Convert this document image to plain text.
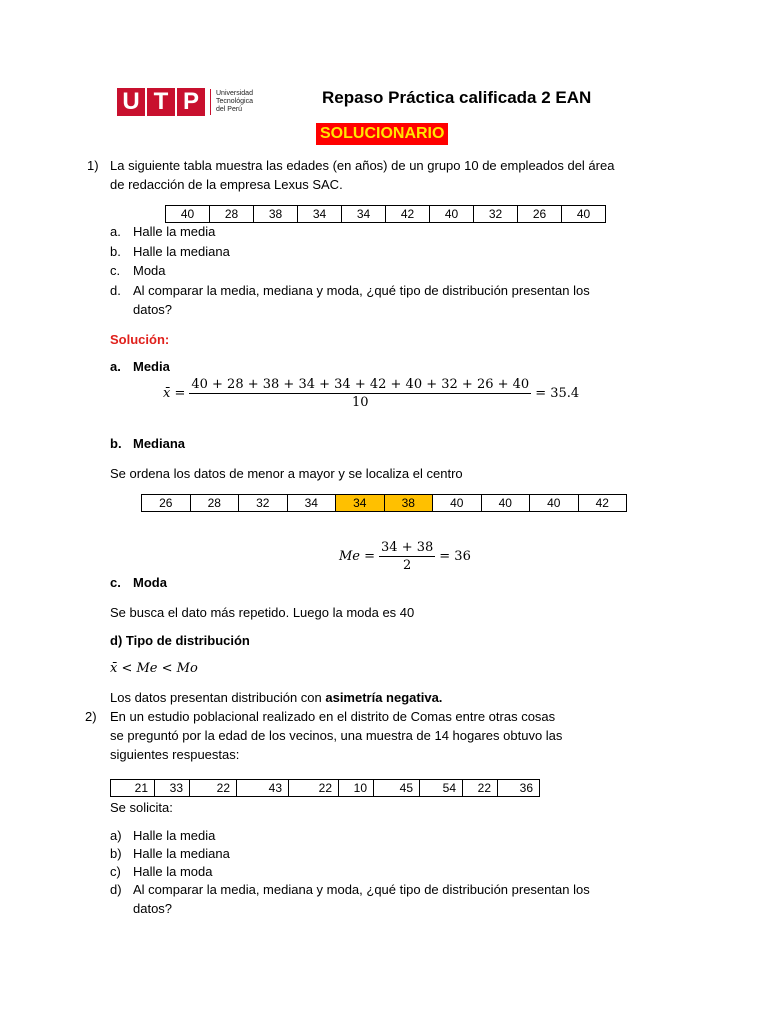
U T P	Universidad
Tecnológica
del Perú
Repaso Práctica calificada 2 EAN
SOLUCIONARIO
1) La siguiente tabla muestra las edades (en años) de un grupo 10 de empleados del área
de redacción de la empresa Lexus SAC.
40	28	38	34	34	42	40	32	26	40
a. Halle la media
b. Halle la mediana
c. Moda
d. Al comparar la media, mediana y moda, ¿qué tipo de distribución presentan los
datos?
Solución:
a. Media
x̄ = $\frac{40 + 28 + 38 + 34 + 34 + 42 + 40 + 32 + 26 + 40}{10} = 35.4$
b. Mediana
Se ordena los datos de menor a mayor y se localiza el centro
26	28	32	34	34	38	40	40	40	42
$Me = \frac{34 + 38}{2} = 36$
c. Moda
Se busca el dato más repetido. Luego la moda es 40
d) Tipo de distribución
x̄ < Me < Mo
Los datos presentan distribución con asimetría negativa.
2) En un estudio poblacional realizado en el distrito de Comas entre otras cosas
se preguntó por la edad de los vecinos, una muestra de 14 hogares obtuvo las
siguientes respuestas:
21	33	22	43	22	10	45	54	22	36
Se solicita:
a) Halle la media
b) Halle la mediana
c) Halle la moda
d) Al comparar la media, mediana y moda, ¿qué tipo de distribución presentan los
datos?
